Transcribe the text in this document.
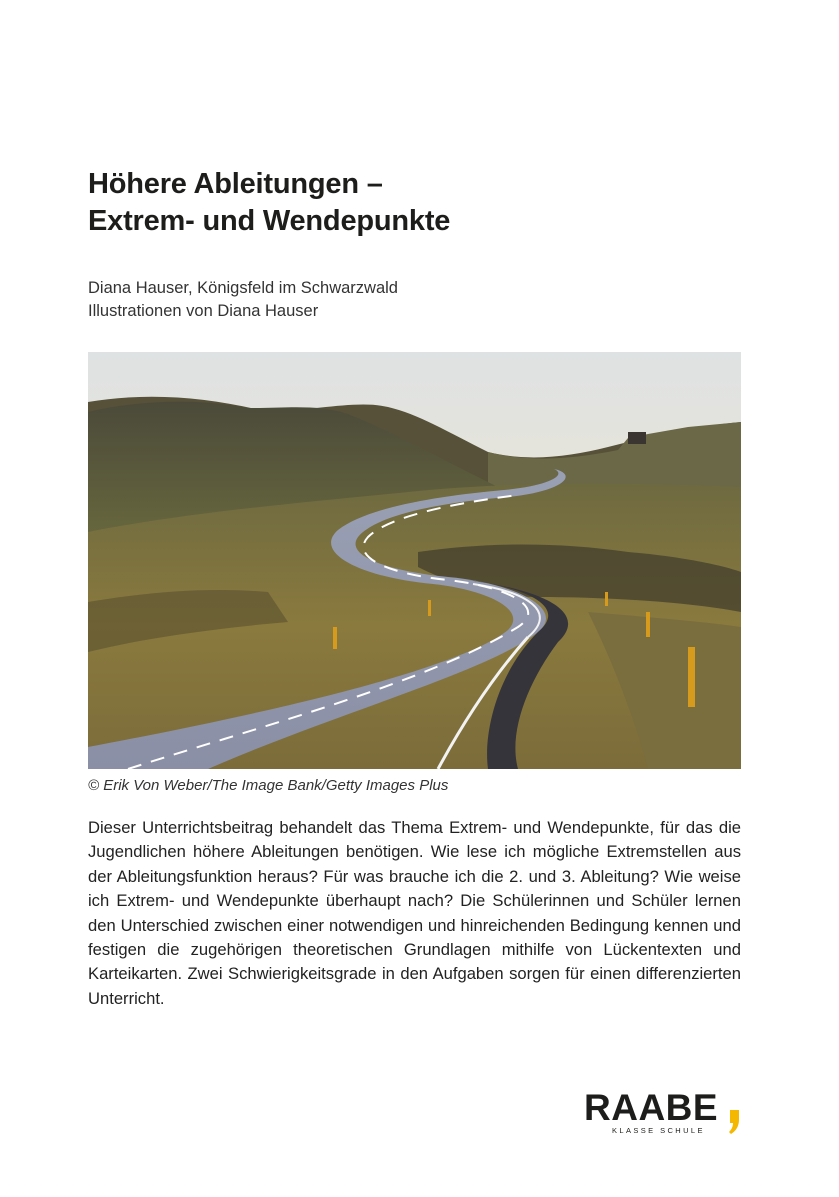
Höhere Ableitungen –
Extrem- und Wendepunkte
Diana Hauser, Königsfeld im Schwarzwald
Illustrationen von Diana Hauser
© Erik Von Weber/The Image Bank/Getty Images Plus

Dieser Unterrichtsbeitrag behandelt das Thema Extrem- und Wendepunkte, für das die Jugendlichen höhere Ableitungen benötigen. Wie lese ich mögliche Extremstellen aus der Ableitungsfunktion heraus? Für was brauche ich die 2. und 3. Ableitung? Wie weise ich Extrem- und Wendepunkte überhaupt nach? Die Schülerinnen und Schüler lernen den Unterschied zwischen einer notwendigen und hinreichenden Bedingung kennen und festigen die zugehörigen theoretischen Grundlagen mithilfe von Lückentexten und Karteikarten. Zwei Schwierigkeitsgrade in den Aufgaben sorgen für einen differenzierten Unterricht.

RAABE
KLASSE SCHULE
